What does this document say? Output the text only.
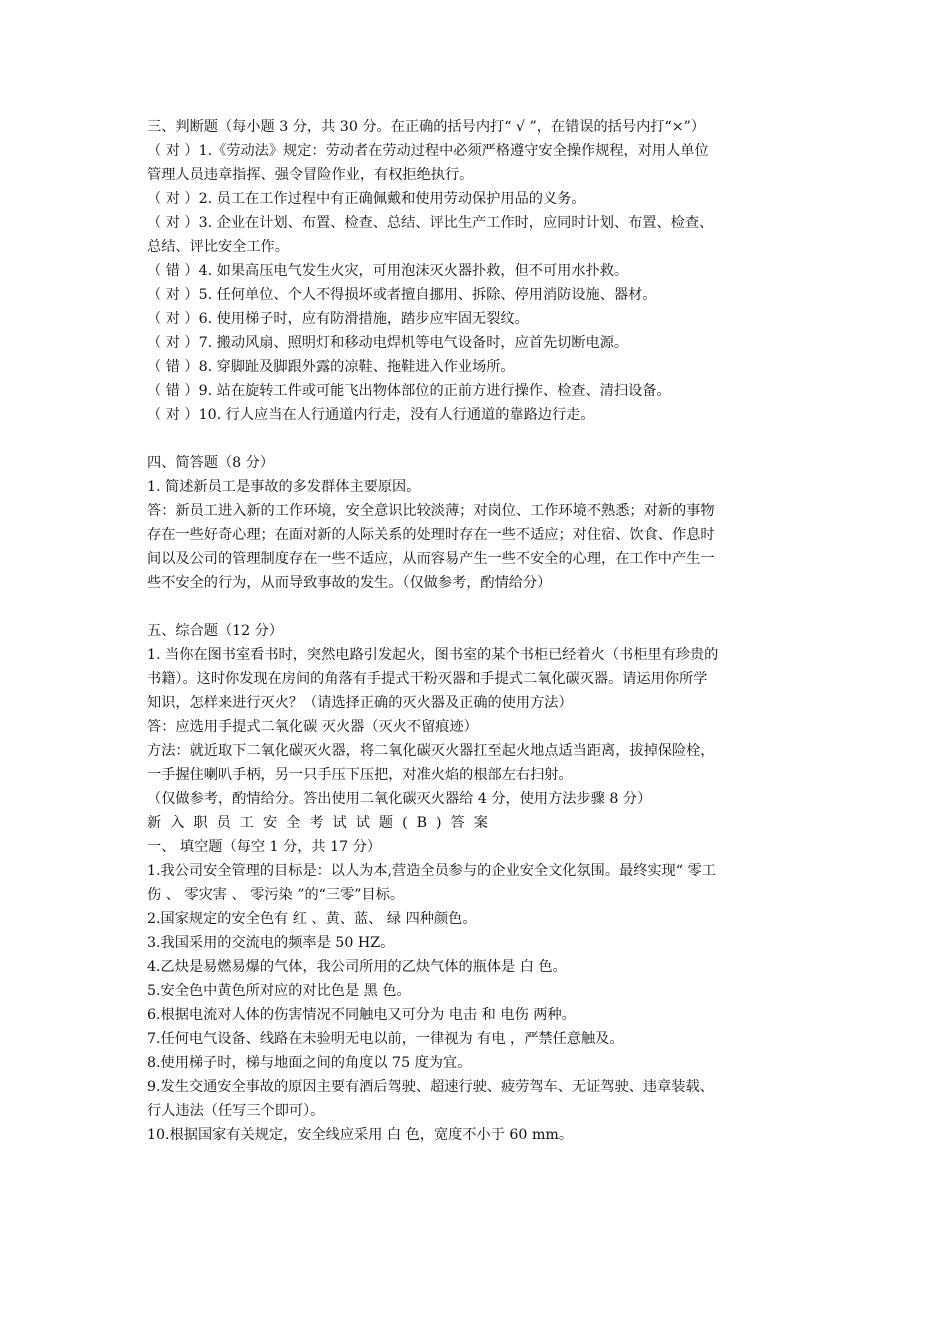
三、判断题（每小题 3 分，共 30 分。在正确的括号内打“ √ ”，在错误的括号内打“×”）
（ 对 ）1.《劳动法》规定：劳动者在劳动过程中必须严格遵守安全操作规程，对用人单位
管理人员违章指挥、强令冒险作业，有权拒绝执行。
（ 对 ）2. 员工在工作过程中有正确佩戴和使用劳动保护用品的义务。
（ 对 ）3. 企业在计划、布置、检查、总结、评比生产工作时，应同时计划、布置、检查、
总结、评比安全工作。
（ 错 ）4. 如果高压电气发生火灾，可用泡沫灭火器扑救，但不可用水扑救。
（ 对 ）5. 任何单位、个人不得损坏或者擅自挪用、拆除、停用消防设施、器材。
（ 对 ）6. 使用梯子时，应有防滑措施，踏步应牢固无裂纹。
（ 对 ）7. 搬动风扇、照明灯和移动电焊机等电气设备时，应首先切断电源。
（ 错 ）8. 穿脚趾及脚跟外露的凉鞋、拖鞋进入作业场所。
（ 错 ）9. 站在旋转工件或可能飞出物体部位的正前方进行操作、检查、清扫设备。
（ 对 ）10. 行人应当在人行通道内行走，没有人行通道的靠路边行走。
四、简答题（8 分）
1. 简述新员工是事故的多发群体主要原因。
答：新员工进入新的工作环境，安全意识比较淡薄；对岗位、工作环境不熟悉；对新的事物
存在一些好奇心理；在面对新的人际关系的处理时存在一些不适应；对住宿、饮食、作息时
间以及公司的管理制度存在一些不适应，从而容易产生一些不安全的心理，在工作中产生一
些不安全的行为，从而导致事故的发生。（仅做参考，酌情给分）
五、综合题（12 分）
1. 当你在图书室看书时，突然电路引发起火，图书室的某个书柜已经着火（书柜里有珍贵的
书籍）。这时你发现在房间的角落有手提式干粉灭器和手提式二氧化碳灭器。请运用你所学
知识，怎样来进行灭火？（请选择正确的灭火器及正确的使用方法）
答：应选用手提式二氧化碳 灭火器（灭火不留痕迹）
方法：就近取下二氧化碳灭火器，将二氧化碳灭火器扛至起火地点适当距离，拔掉保险栓，
一手握住喇叭手柄，另一只手压下压把，对准火焰的根部左右扫射。
（仅做参考，酌情给分。答出使用二氧化碳灭火器给 4 分，使用方法步骤 8 分）
新入职员工安全考试试题(B)答案
一、 填空题（每空 1 分，共 17 分）
1.我公司安全管理的目标是：以人为本,营造全员参与的企业安全文化氛围。最终实现“ 零工
伤 、 零灾害 、 零污染 ”的“三零”目标。
2.国家规定的安全色有 红 、黄、蓝、 绿 四种颜色。
3.我国采用的交流电的频率是 50 HZ。
4.乙炔是易燃易爆的气体，我公司所用的乙炔气体的瓶体是 白 色。
5.安全色中黄色所对应的对比色是 黑 色。
6.根据电流对人体的伤害情况不同触电又可分为 电击 和 电伤 两种。
7.任何电气设备、线路在未验明无电以前，一律视为 有电 ，严禁任意触及。
8.使用梯子时，梯与地面之间的角度以 75 度为宜。
9.发生交通安全事故的原因主要有酒后驾驶、超速行驶、疲劳驾车、无证驾驶、违章装载、
行人违法（任写三个即可）。
10.根据国家有关规定，安全线应采用 白 色，宽度不小于 60 mm。
